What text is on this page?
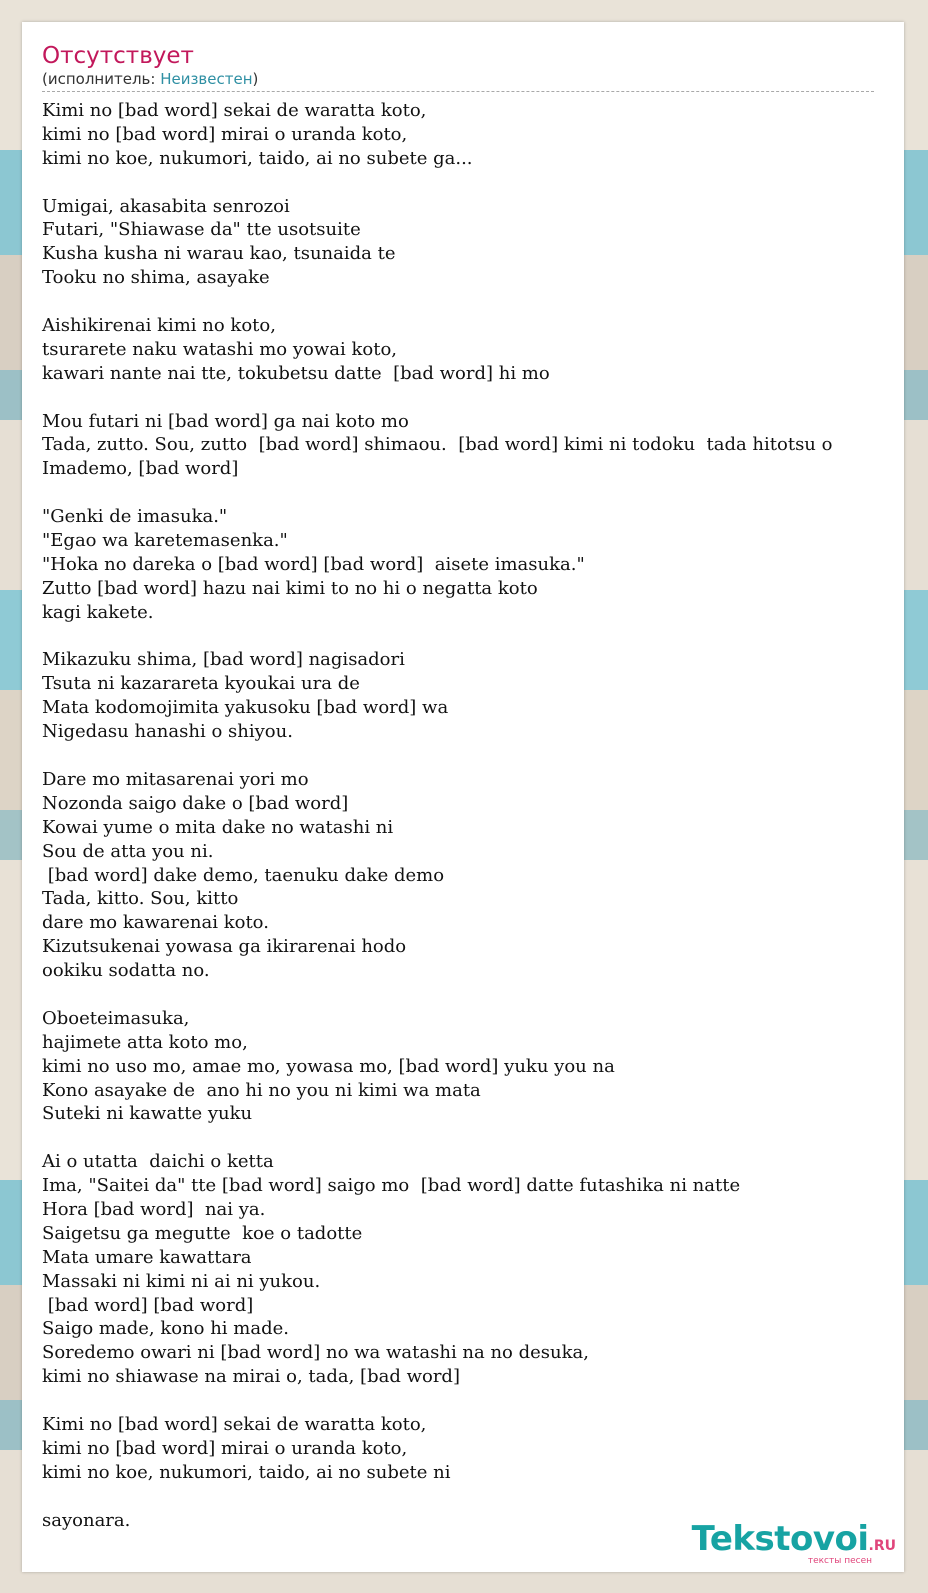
Отсутствует
(исполнитель: Неизвестен)
Kimi no [bad word] sekai de waratta koto,
kimi no [bad word] mirai o uranda koto,
kimi no koe, nukumori, taido, ai no subete ga...
Umigai, akasabita senrozoi
Futari, "Shiawase da" tte usotsuite
Kusha kusha ni warau kao, tsunaida te
Tooku no shima, asayake
Aishikirenai kimi no koto,
tsurarete naku watashi mo yowai koto,
kawari nante nai tte, tokubetsu datte  [bad word] hi mo
Mou futari ni [bad word] ga nai koto mo
Tada, zutto. Sou, zutto  [bad word] shimaou.  [bad word] kimi ni todoku  tada hitotsu o
Imademo, [bad word]
"Genki de imasuka."
"Egao wa karetemasenka."
"Hoka no dareka o [bad word] [bad word]  aisete imasuka."
Zutto [bad word] hazu nai kimi to no hi o negatta koto
kagi kakete.
Mikazuku shima, [bad word] nagisadori
Tsuta ni kazarareta kyoukai ura de
Mata kodomojimita yakusoku [bad word] wa
Nigedasu hanashi o shiyou.
Dare mo mitasarenai yori mo
Nozonda saigo dake o [bad word]
Kowai yume o mita dake no watashi ni
Sou de atta you ni.
[bad word] dake demo, taenuku dake demo
Tada, kitto. Sou, kitto
dare mo kawarenai koto.
Kizutsukenai yowasa ga ikirarenai hodo
ookiku sodatta no.
Oboeteimasuka,
hajimete atta koto mo,
kimi no uso mo, amae mo, yowasa mo, [bad word] yuku you na
Kono asayake de  ano hi no you ni kimi wa mata
Suteki ni kawatte yuku
Ai o utatta  daichi o ketta
Ima, "Saitei da" tte [bad word] saigo mo  [bad word] datte futashika ni natte
Hora [bad word]  nai ya.
Saigetsu ga megutte  koe o tadotte
Mata umare kawattara
Massaki ni kimi ni ai ni yukou.
[bad word] [bad word]
Saigo made, kono hi made.
Soredemo owari ni [bad word] no wa watashi na no desuka,
kimi no shiawase na mirai o, tada, [bad word]
Kimi no [bad word] sekai de waratta koto,
kimi no [bad word] mirai o uranda koto,
kimi no koe, nukumori, taido, ai no subete ni
sayonara.	Tekstovoi.RU
тексты песен
